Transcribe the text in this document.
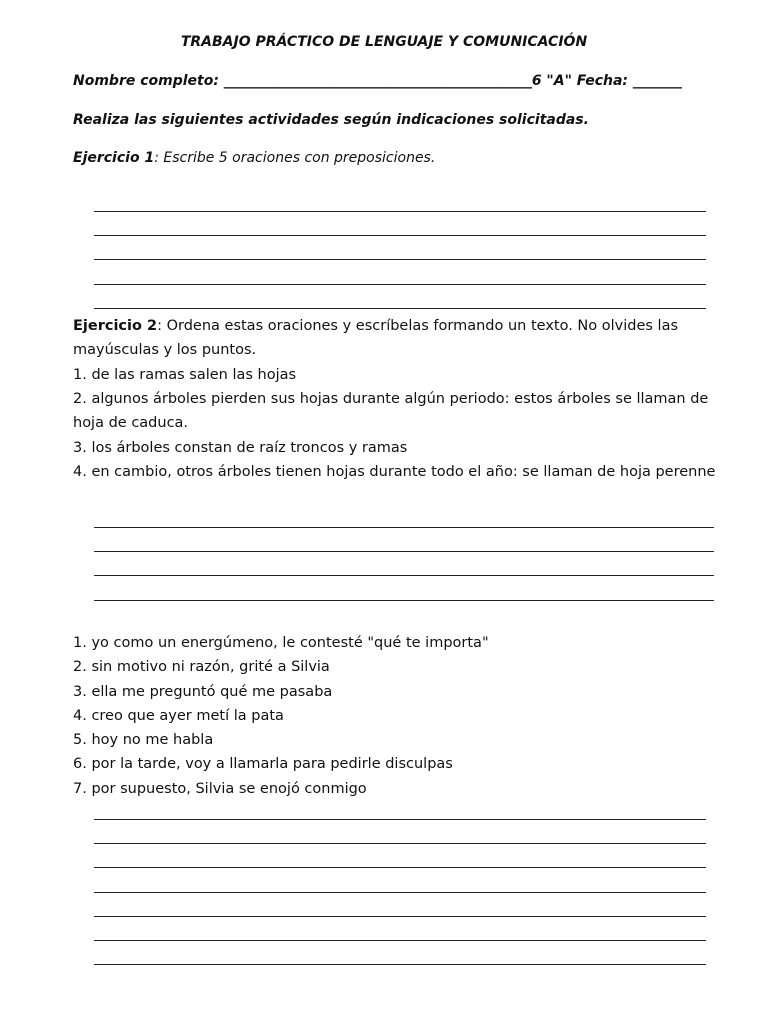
TRABAJO PRÁCTICO DE LENGUAJE Y COMUNICACIÓN
Nombre completo: ____________________________________________6 "A" Fecha: _______
Realiza las siguientes actividades según indicaciones solicitadas.
Ejercicio 1: Escribe 5 oraciones con preposiciones.
Ejercicio 2: Ordena estas oraciones y escríbelas formando un texto. No olvides las mayúsculas y los puntos.
1. de las ramas salen las hojas
2. algunos árboles pierden sus hojas durante algún periodo: estos árboles se llaman de hoja de caduca.
3. los árboles constan de raíz troncos y ramas
4. en cambio, otros árboles tienen hojas durante todo el año: se llaman de hoja perenne
1. yo como un energúmeno, le contesté "qué te importa"
2. sin motivo ni razón, grité a Silvia
3. ella me preguntó qué me pasaba
4. creo que ayer metí la pata
5. hoy no me habla
6. por la tarde, voy a llamarla para pedirle disculpas
7. por supuesto, Silvia se enojó conmigo
